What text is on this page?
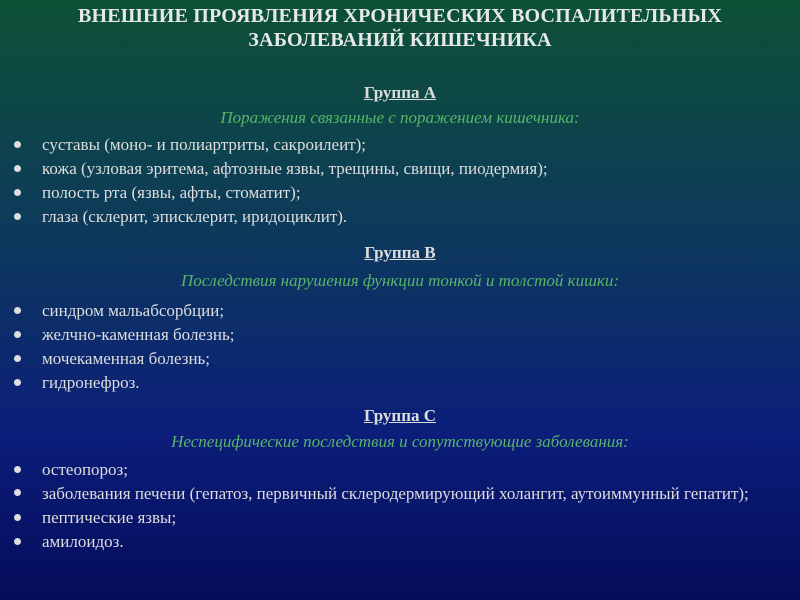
ВНЕШНИЕ ПРОЯВЛЕНИЯ ХРОНИЧЕСКИХ ВОСПАЛИТЕЛЬНЫХ
ЗАБОЛЕВАНИЙ КИШЕЧНИКА
Группа А
Поражения связанные с поражением кишечника:
суставы (моно- и полиартриты, сакроилеит);
кожа (узловая эритема, афтозные язвы, трещины, свищи, пиодермия);
полость рта (язвы, афты, стоматит);
глаза (склерит, эписклерит, иридоциклит).
Группа В
Последствия нарушения функции тонкой и толстой кишки:
синдром мальабсорбции;
желчно-каменная болезнь;
мочекаменная болезнь;
гидронефроз.
Группа С
Неспецифические последствия и сопутствующие заболевания:
остеопороз;
заболевания печени (гепатоз, первичный склеродермирующий холангит, аутоиммунный гепатит);
пептические язвы;
амилоидоз.
